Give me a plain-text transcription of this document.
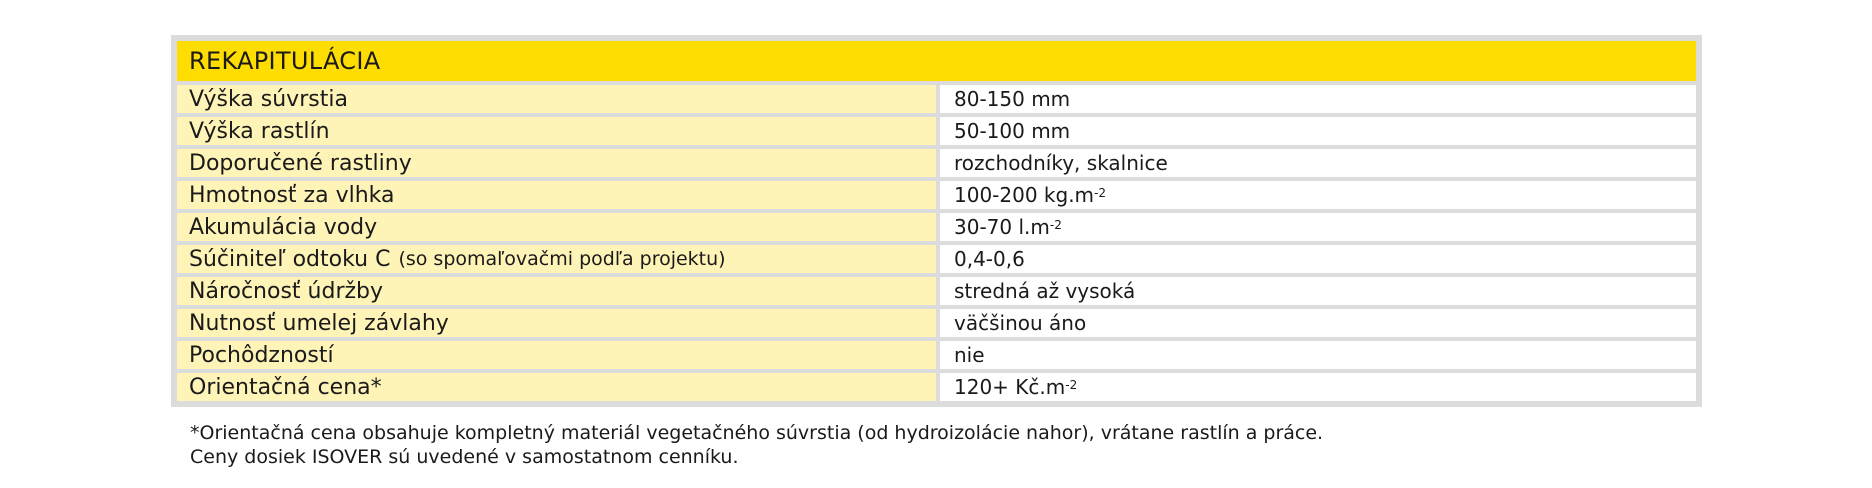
REKAPITULÁCIA
Výška súvrstia	80-150 mm
Výška rastlín	50-100 mm
Doporučené rastliny	rozchodníky, skalnice
Hmotnosť za vlhka	100-200 $kg.m^{-2}$
Akumulácia vody	30-70 $l.m^{-2}$
Súčiniteľ odtoku C (so spomaľovačmi podľa projektu)	0,4-0,6
Náročnosť údržby	stredná až vysoká
Nutnosť umelej závlahy	väčšinou áno
Pochôdzností	nie
Orientačná cena*	$120+ Kč.m^{-2}$
*Orientačná cena obsahuje kompletný materiál vegetačného súvrstia (od hydroizolácie nahor), vrátane rastlín a práce.
Ceny dosiek ISOVER sú uvedené v samostatnom cenníku.
